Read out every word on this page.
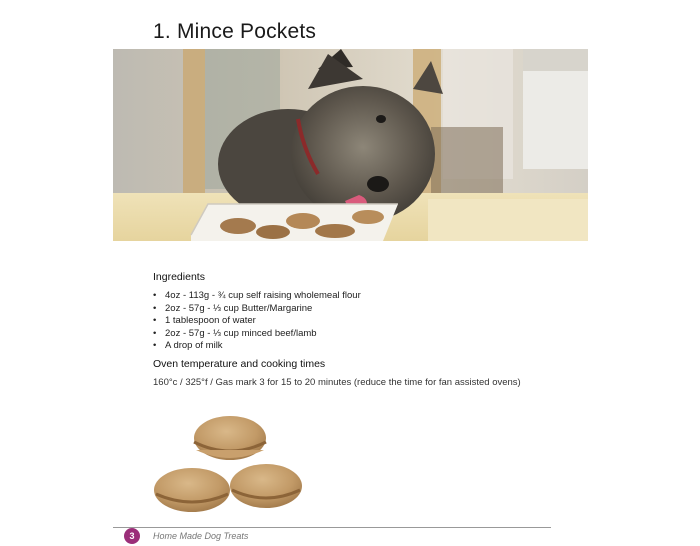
1. Mince Pockets
Ingredients
• 4oz - 113g - ¾ cup self raising wholemeal flour
• 2oz - 57g - ⅓ cup Butter/Margarine
• 1 tablespoon of water
• 2oz - 57g - ⅓ cup minced beef/lamb
• A drop of milk
Oven temperature and cooking times
160°c / 325°f / Gas mark 3 for 15 to 20 minutes (reduce the time for fan assisted ovens)
3	Home Made Dog Treats
